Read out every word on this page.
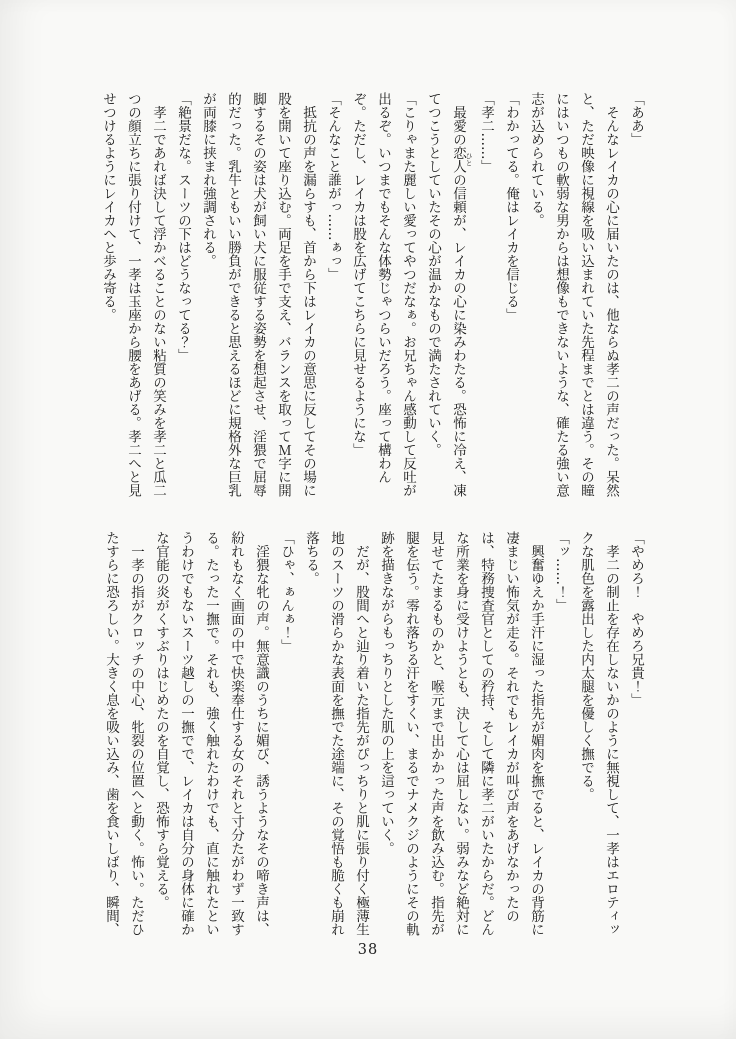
「ああ」
　そんなレイカの心に届いたのは、他ならぬ孝二の声だった。呆然
と、ただ映像に視線を吸い込まれていた先程までとは違う。その瞳
にはいつもの軟弱な男からは想像もできないような、確たる強い意
志が込められている。
「わかってる。俺はレイカを信じる」
「孝二……」
　最愛の恋人 ひとの信頼が、レイカの心に染みわたる。恐怖に冷え、凍
てつこうとしていたその心が温かなもので満たされていく。
「こりゃまた麗しい愛ってやつだなぁ。お兄ちゃん感動して反吐が
出るぞ。いつまでもそんな体勢じゃつらいだろう。座って構わん
ぞ。ただし、レイカは股を広げてこちらに見せるようにな」
「そんなこと誰がっ……ぁっ」
　抵抗の声を漏らすも、首から下はレイカの意思に反してその場に
股を開いて座り込む。両足を手で支え、バランスを取ってＭ字に開
脚するその姿は犬が飼い犬に服従する姿勢を想起させ、淫猥で屈辱
的だった。乳牛ともいい勝負ができると思えるほどに規格外な巨乳
が両膝に挟まれ強調される。
「絶景だな。スーツの下はどうなってる？」
　孝二であれば決して浮かべることのない粘質の笑みを孝二と瓜二
つの顔立ちに張り付けて、一孝は玉座から腰をあげる。孝二へと見
せつけるようにレイカへと歩み寄る。
「やめろ！　やめろ兄貴！」
　孝二の制止を存在しないかのように無視して、一孝はエロティッ
クな肌色を露出した内太腿を優しく撫でる。
「ッ……！」
　興奮ゆえか手汗に湿った指先が媚肉を撫でると、レイカの背筋に
凄まじい怖気が走る。それでもレイカが叫び声をあげなかったの
は、特務捜査官としての矜持、そして隣に孝二がいたからだ。どん
な所業を身に受けようとも、決して心は屈しない。弱みなど絶対に
見せてたまるものかと、喉元まで出かかった声を飲み込む。指先が
腿を伝う。零れ落ちる汗をすくい、まるでナメクジのようにその軌
跡を描きながらもっちりとした肌の上を這っていく。
　だが、股間へと辿り着いた指先がぴっちりと肌に張り付く極薄生
地のスーツの滑らかな表面を撫でた途端に、その覚悟も脆くも崩れ
落ちる。
「ひゃ、ぁんぁ！」
　淫猥な牝の声。無意識のうちに媚び、誘うようなその啼き声は、
紛れもなく画面の中で快楽奉仕する女のそれと寸分たがわず一致す
る。たった一撫で。それも、強く触れたわけでも、直に触れたとい
うわけでもないスーツ越しの一撫でで、レイカは自分の身体に確か
な官能の炎がくすぶりはじめたのを自覚し、恐怖すら覚える。
　一孝の指がクロッチの中心、牝裂の位置へと動く。怖い。ただひ
たすらに恐ろしい。大きく息を吸い込み、歯を食いしばり、瞬間、
38
